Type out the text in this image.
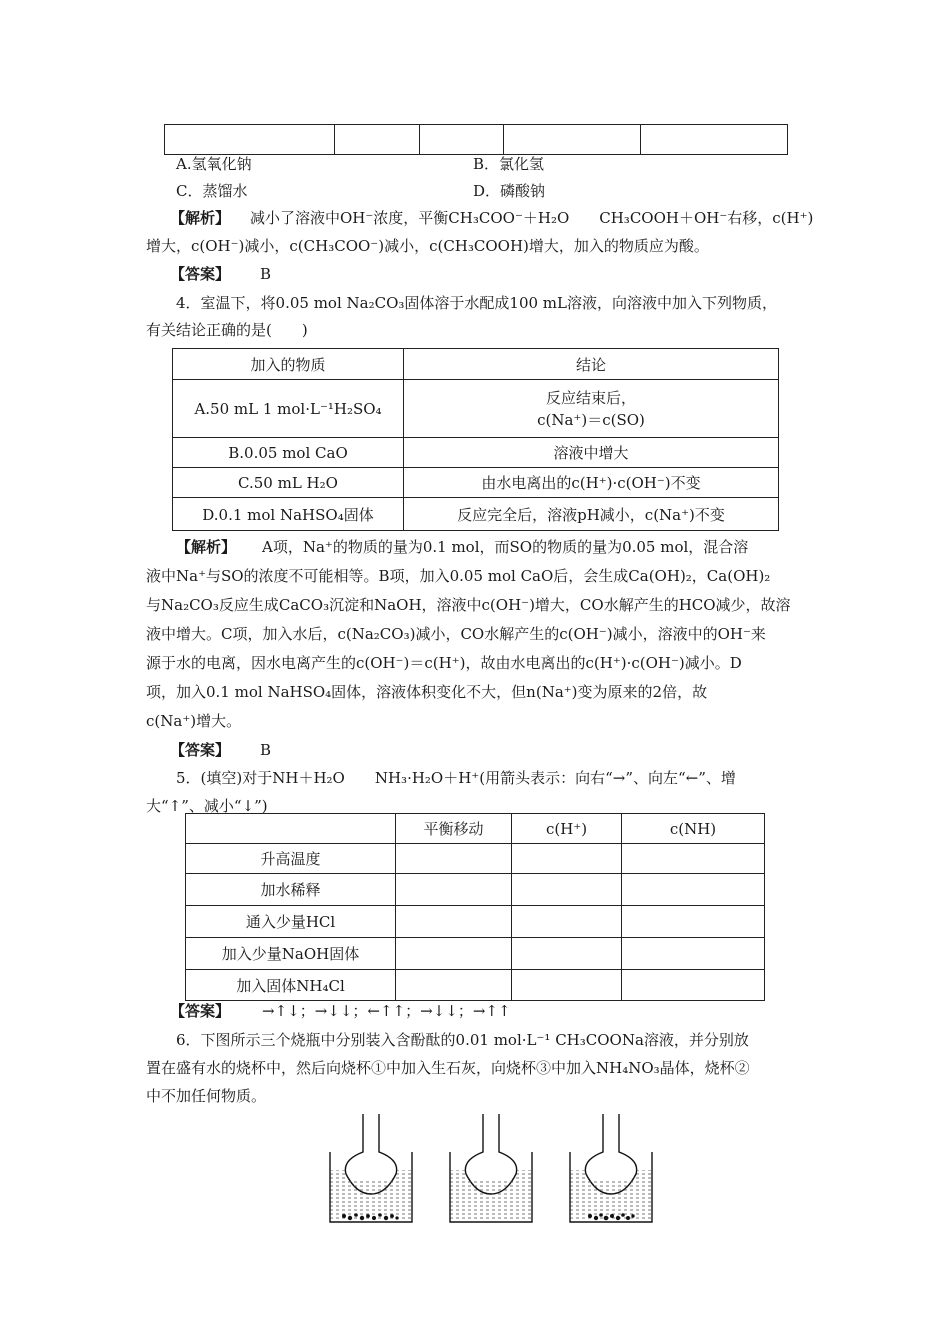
A.氢氧化钠	B．氯化氢
C．蒸馏水	D．磷酸钠
【解析】 减小了溶液中OH⁻浓度，平衡CH₃COO⁻＋H₂O　　CH₃COOH＋OH⁻右移，c(H⁺)
增大，c(OH⁻)减小，c(CH₃COO⁻)减小，c(CH₃COOH)增大，加入的物质应为酸。
【答案】 B
4．室温下，将0.05 mol Na₂CO₃固体溶于水配成100 mL溶液，向溶液中加入下列物质，
有关结论正确的是(　　)
加入的物质	结论
A.50 mL 1 mol·L⁻¹H₂SO₄	反应结束后，
c(Na⁺)＝c(SO)

B.0.05 mol CaO	溶液中增大
C.50 mL H₂O	由水电离出的c(H⁺)·c(OH⁻)不变
D.0.1 mol NaHSO₄固体	反应完全后，溶液pH减小，c(Na⁺)不变
【解析】 A项，Na⁺的物质的量为0.1 mol，而SO的物质的量为0.05 mol，混合溶
液中Na⁺与SO的浓度不可能相等。B项，加入0.05 mol CaO后，会生成Ca(OH)₂，Ca(OH)₂
与Na₂CO₃反应生成CaCO₃沉淀和NaOH，溶液中c(OH⁻)增大，CO水解产生的HCO减少，故溶
液中增大。C项，加入水后，c(Na₂CO₃)减小，CO水解产生的c(OH⁻)减小，溶液中的OH⁻来
源于水的电离，因水电离产生的c(OH⁻)＝c(H⁺)，故由水电离出的c(H⁺)·c(OH⁻)减小。D
项，加入0.1 mol NaHSO₄固体，溶液体积变化不大，但n(Na⁺)变为原来的2倍，故
c(Na⁺)增大。
【答案】 B
5．(填空)对于NH＋H₂O　　NH₃·H₂O＋H⁺(用箭头表示：向右“→”、向左“←”、增
大“↑”、减小“↓”)
	平衡移动	c(H⁺)	c(NH)
升高温度			
加水稀释			
通入少量HCl			
加入少量NaOH固体			
加入固体NH₄Cl			
【答案】 →↑↓；→↓↓；←↑↑；→↓↓；→↑↑
6．下图所示三个烧瓶中分别装入含酚酞的0.01 mol·L⁻¹ CH₃COONa溶液，并分别放
置在盛有水的烧杯中，然后向烧杯①中加入生石灰，向烧杯③中加入NH₄NO₃晶体，烧杯②
中不加任何物质。
